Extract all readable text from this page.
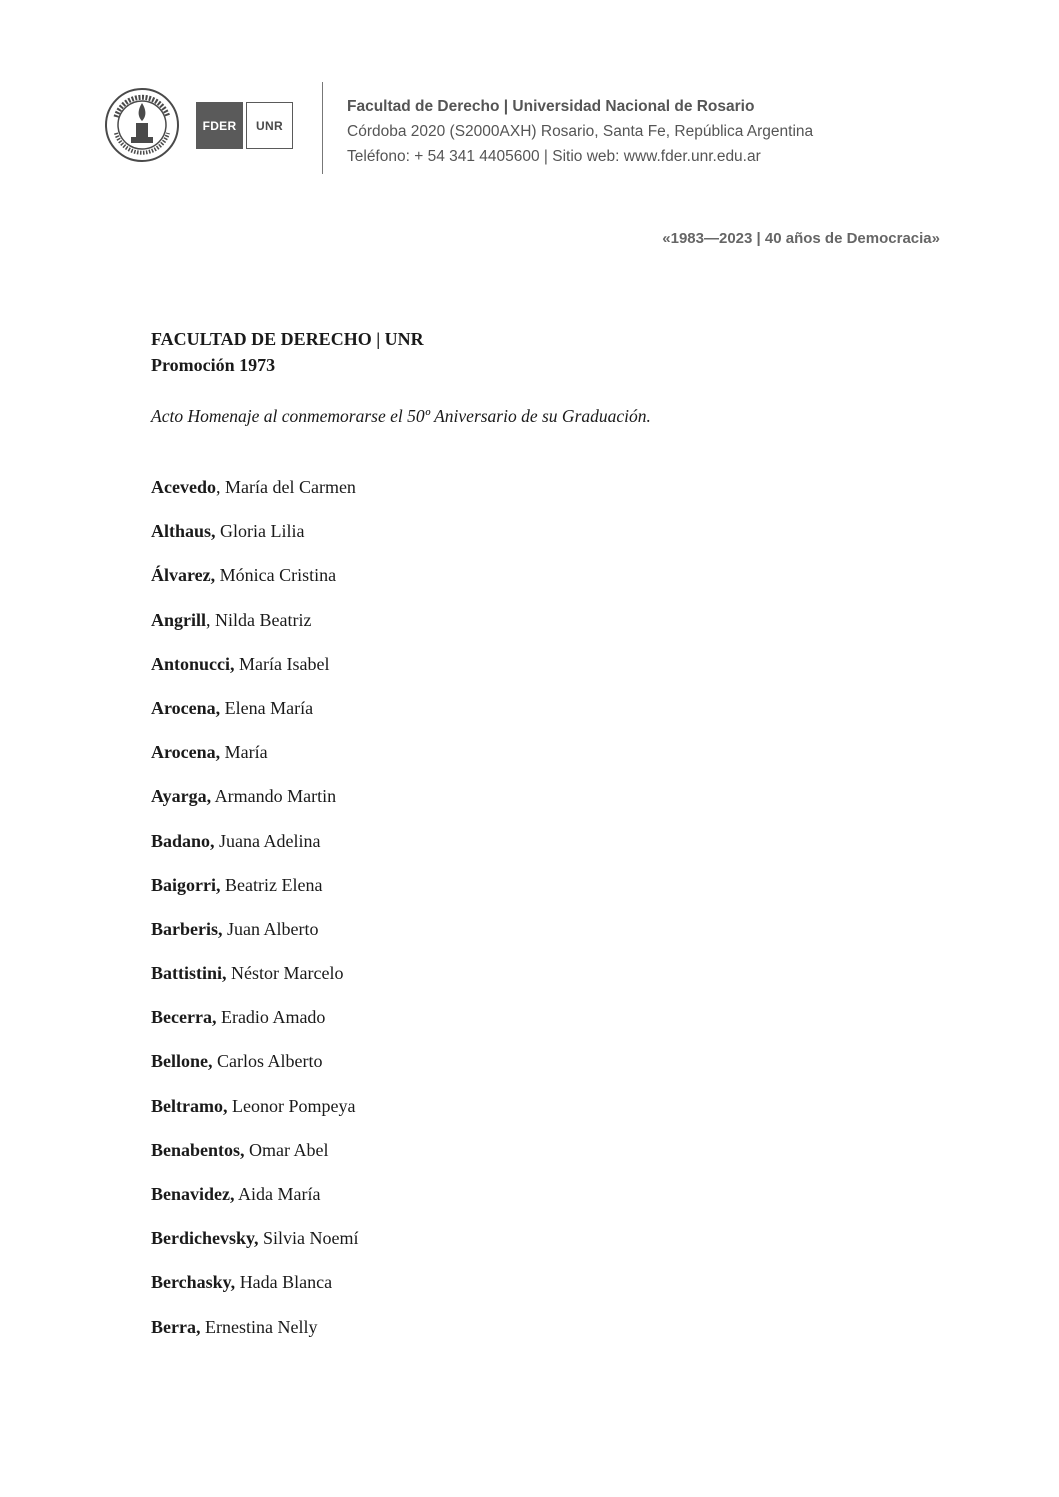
FDER UNR
Facultad de Derecho | Universidad Nacional de Rosario
Córdoba 2020 (S2000AXH) Rosario, Santa Fe, República Argentina
Teléfono: + 54 341 4405600 | Sitio web: www.fder.unr.edu.ar
«1983—2023 | 40 años de Democracia»
FACULTAD DE DERECHO | UNR
Promoción 1973
Acto Homenaje al conmemorarse el 50º Aniversario de su Graduación.
Acevedo, María del Carmen
Althaus, Gloria Lilia
Álvarez, Mónica Cristina
Angrill, Nilda Beatriz
Antonucci, María Isabel
Arocena, Elena María
Arocena, María
Ayarga, Armando Martin
Badano, Juana Adelina
Baigorri, Beatriz Elena
Barberis, Juan Alberto
Battistini, Néstor Marcelo
Becerra, Eradio Amado
Bellone, Carlos Alberto
Beltramo, Leonor Pompeya
Benabentos, Omar Abel
Benavidez, Aida María
Berdichevsky, Silvia Noemí
Berchasky, Hada Blanca
Berra, Ernestina Nelly
